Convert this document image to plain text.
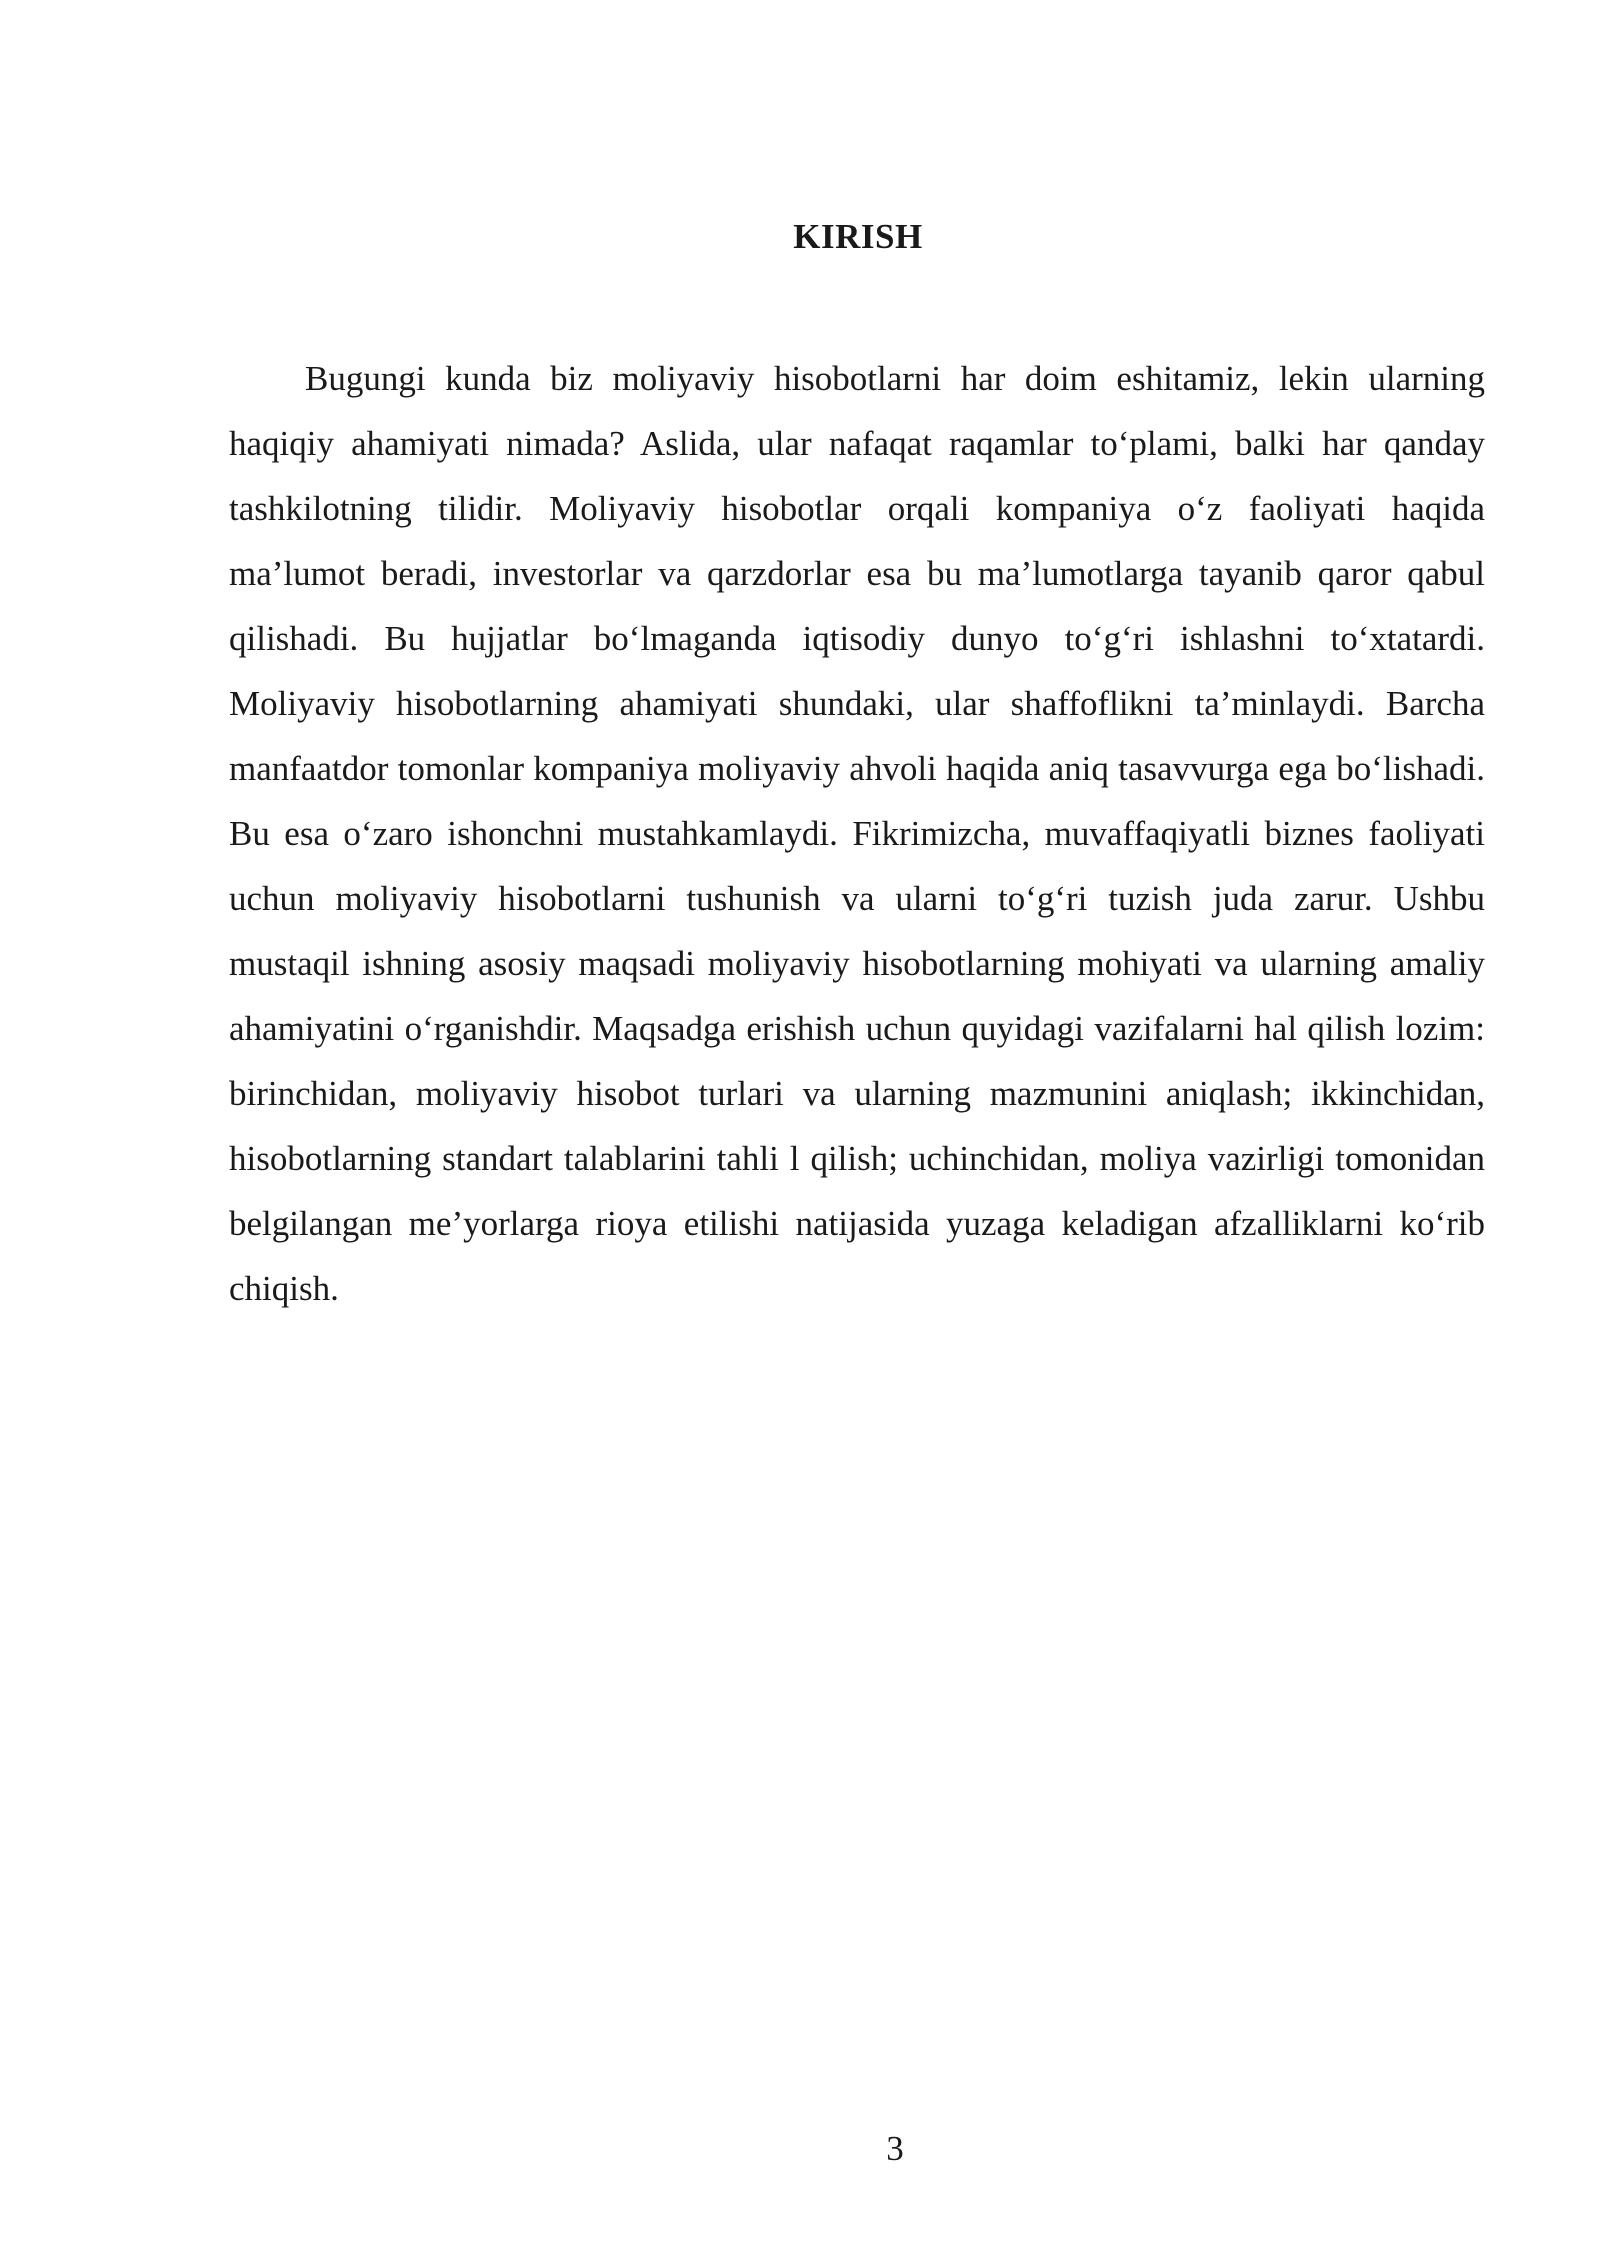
KIRISH

Bugungi kunda biz moliyaviy hisobotlarni har doim eshitamiz, lekin ularning haqiqiy ahamiyati nimada? Aslida, ular nafaqat raqamlar to‘plami, balki har qanday tashkilotning tilidir. Moliyaviy hisobotlar orqali kompaniya o‘z faoliyati haqida ma’lumot beradi, investorlar va qarzdorlar esa bu ma’lumotlarga tayanib qaror qabul qilishadi. Bu hujjatlar bo‘lmaganda iqtisodiy dunyo to‘g‘ri ishlashni to‘xtatardi. Moliyaviy hisobotlarning ahamiyati shundaki, ular shaffoflikni ta’minlaydi. Barcha manfaatdor tomonlar kompaniya moliyaviy ahvoli haqida aniq tasavvurga ega bo‘lishadi. Bu esa o‘zaro ishonchni mustahkamlaydi. Fikrimizcha, muvaffaqiyatli biznes faoliyati uchun moliyaviy hisobotlarni tushunish va ularni to‘g‘ri tuzish juda zarur. Ushbu mustaqil ishning asosiy maqsadi moliyaviy hisobotlarning mohiyati va ularning amaliy ahamiyatini o‘rganishdir. Maqsadga erishish uchun quyidagi vazifalarni hal qilish lozim: birinchidan, moliyaviy hisobot turlari va ularning mazmunini aniqlash; ikkinchidan, hisobotlarning standart talablarini tahli l qilish; uchinchidan, moliya vazirligi tomonidan belgilangan me’yorlarga rioya etilishi natijasida yuzaga keladigan afzalliklarni ko‘rib chiqish.

3
